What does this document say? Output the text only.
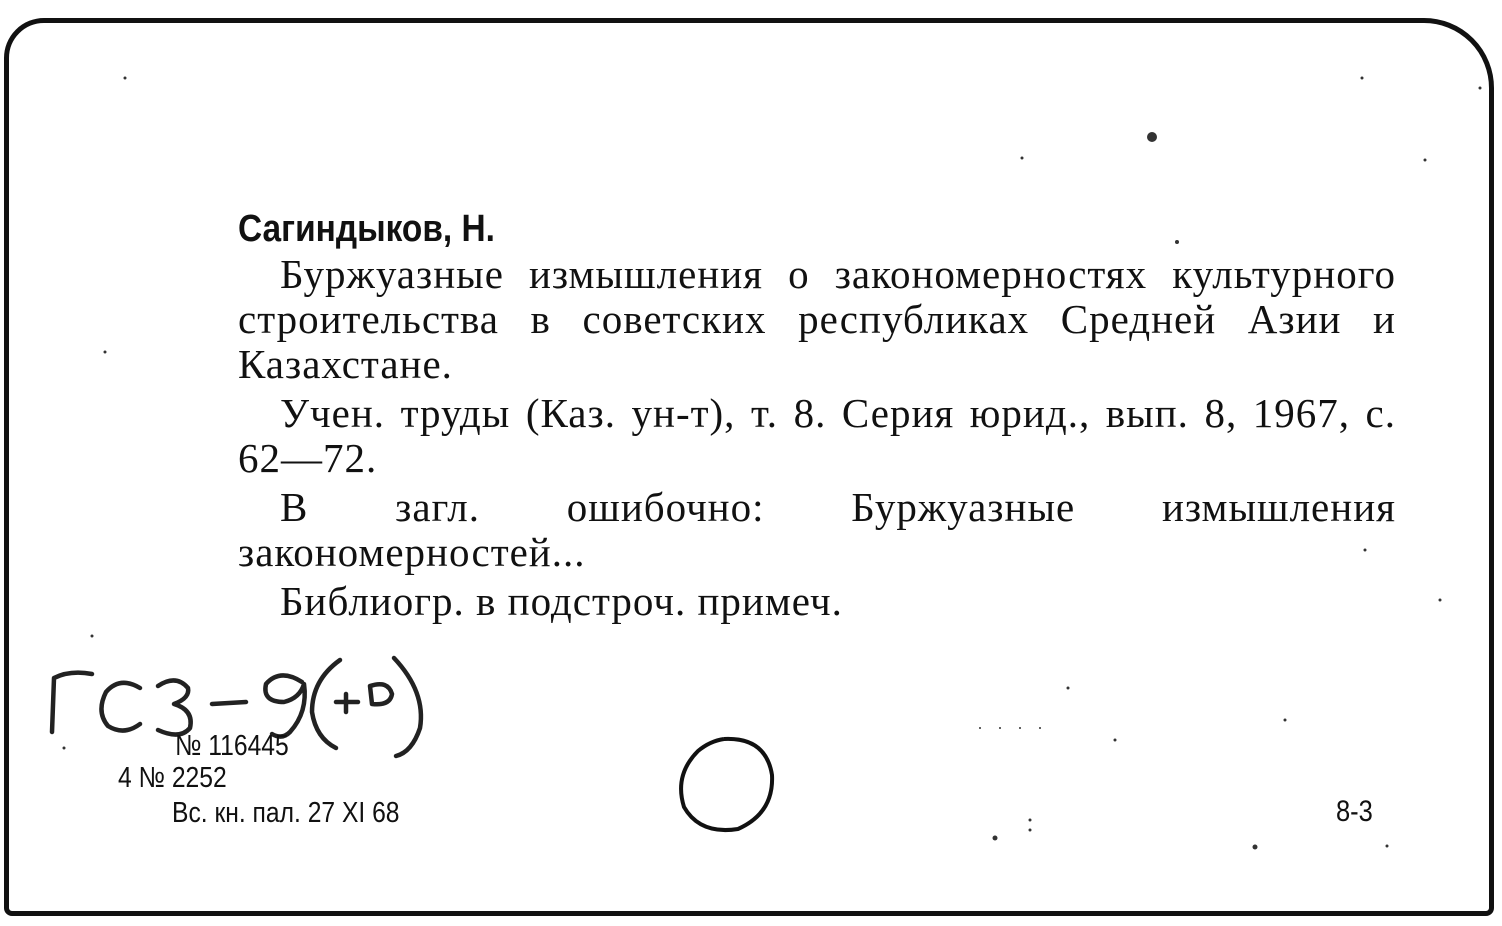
Сагиндыков, Н.

Буржуазные измышления о закономерностях культурного строительства в советских республиках Средней Азии и Казахстане.

Учен. труды (Каз. ун-т), т. 8. Серия юрид., вып. 8, 1967, с. 62—72.

В загл. ошибочно: Буржуазные измышления закономерностей...

Библиогр. в подстроч. примеч.

№ 116445
4 № 2252
Вс. кн. пал. 27 XI 68	8-3
